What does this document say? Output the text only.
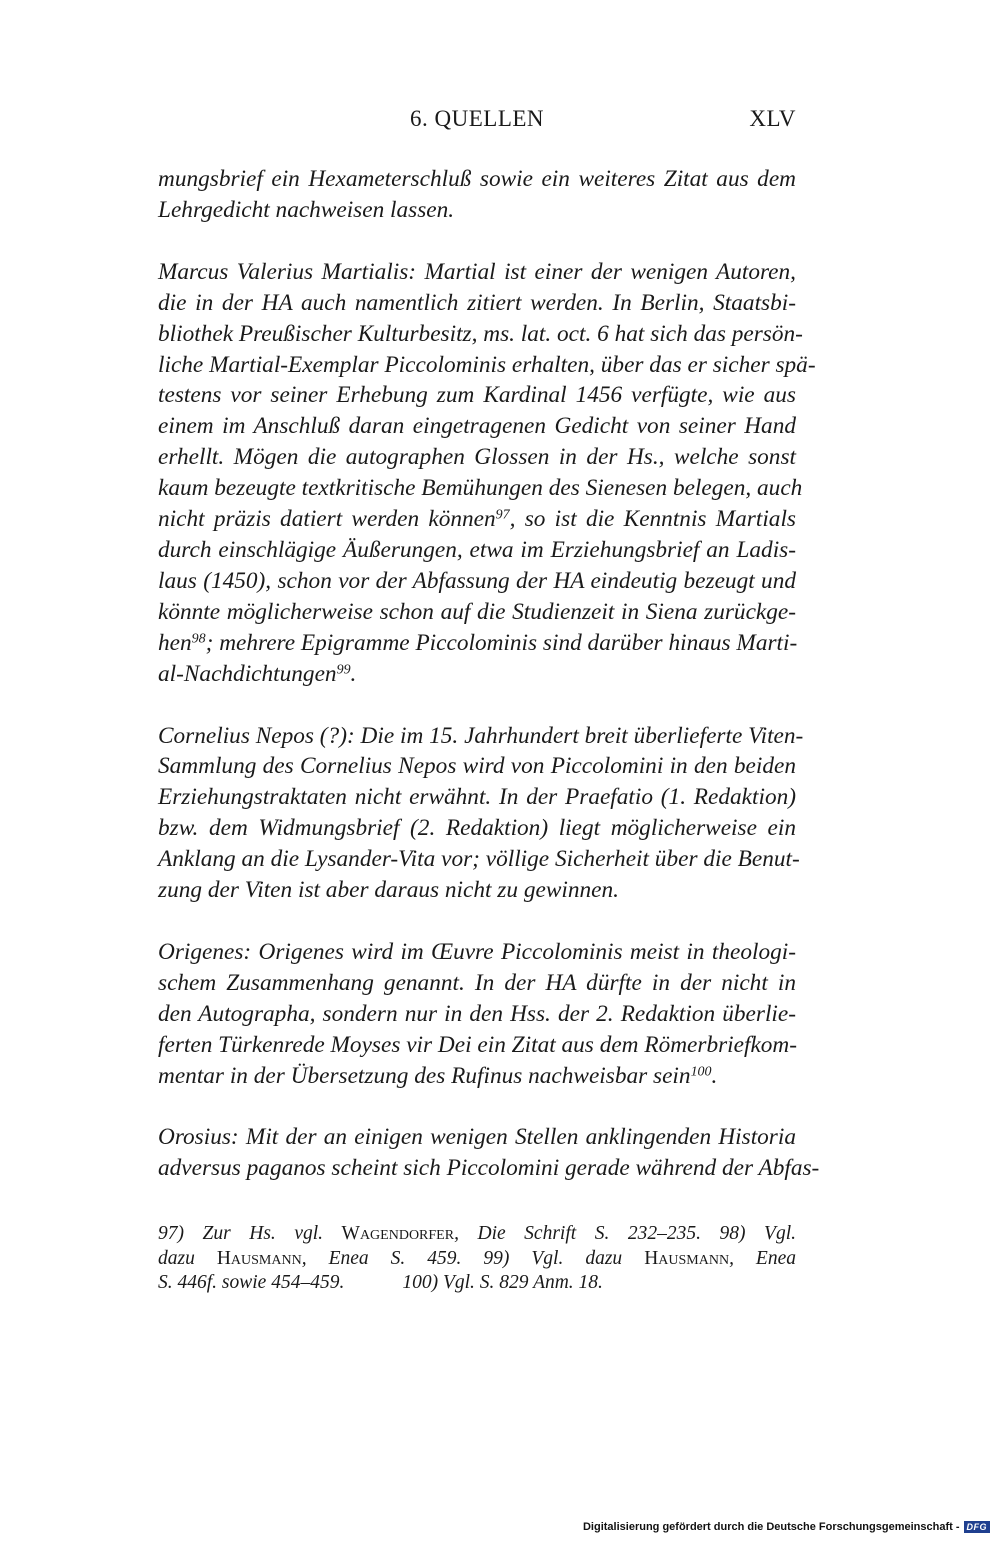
6. QUELLEN	XLV

mungsbrief ein Hexameterschluß sowie ein weiteres Zitat aus dem
Lehrgedicht nachweisen lassen.

Marcus Valerius Martialis: Martial ist einer der wenigen Autoren,
die in der HA auch namentlich zitiert werden. In Berlin, Staatsbi-
bliothek Preußischer Kulturbesitz, ms. lat. oct. 6 hat sich das persön-
liche Martial-Exemplar Piccolominis erhalten, über das er sicher spä-
testens vor seiner Erhebung zum Kardinal 1456 verfügte, wie aus
einem im Anschluß daran eingetragenen Gedicht von seiner Hand
erhellt. Mögen die autographen Glossen in der Hs., welche sonst
kaum bezeugte textkritische Bemühungen des Sienesen belegen, auch
nicht präzis datiert werden können$^{97}$, so ist die Kenntnis Martials
durch einschlägige Äußerungen, etwa im Erziehungsbrief an Ladis-
laus (1450), schon vor der Abfassung der HA eindeutig bezeugt und
könnte möglicherweise schon auf die Studienzeit in Siena zurückge-
hen$^{98}$; mehrere Epigramme Piccolominis sind darüber hinaus Marti-
al-Nachdichtungen$^{99}$.

Cornelius Nepos (?): Die im 15. Jahrhundert breit überlieferte Viten-
Sammlung des Cornelius Nepos wird von Piccolomini in den beiden
Erziehungstraktaten nicht erwähnt. In der Praefatio (1. Redaktion)
bzw. dem Widmungsbrief (2. Redaktion) liegt möglicherweise ein
Anklang an die Lysander-Vita vor; völlige Sicherheit über die Benut-
zung der Viten ist aber daraus nicht zu gewinnen.

Origenes: Origenes wird im Œuvre Piccolominis meist in theologi-
schem Zusammenhang genannt. In der HA dürfte in der nicht in
den Autographa, sondern nur in den Hss. der 2. Redaktion überlie-
ferten Türkenrede Moyses vir Dei ein Zitat aus dem Römerbriefkom-
mentar in der Übersetzung des Rufinus nachweisbar sein$^{100}$.

Orosius: Mit der an einigen wenigen Stellen anklingenden Historia
adversus paganos scheint sich Piccolomini gerade während der Abfas-

97) Zur Hs. vgl. Wagendorfer, Die Schrift S. 232–235. 98) Vgl.
dazu Hausmann, Enea S. 459. 99) Vgl. dazu Hausmann, Enea
S. 446f. sowie 454–459.	100) Vgl. S. 829 Anm. 18.
Digitalisierung gefördert durch die Deutsche Forschungsgemeinschaft - DFG
